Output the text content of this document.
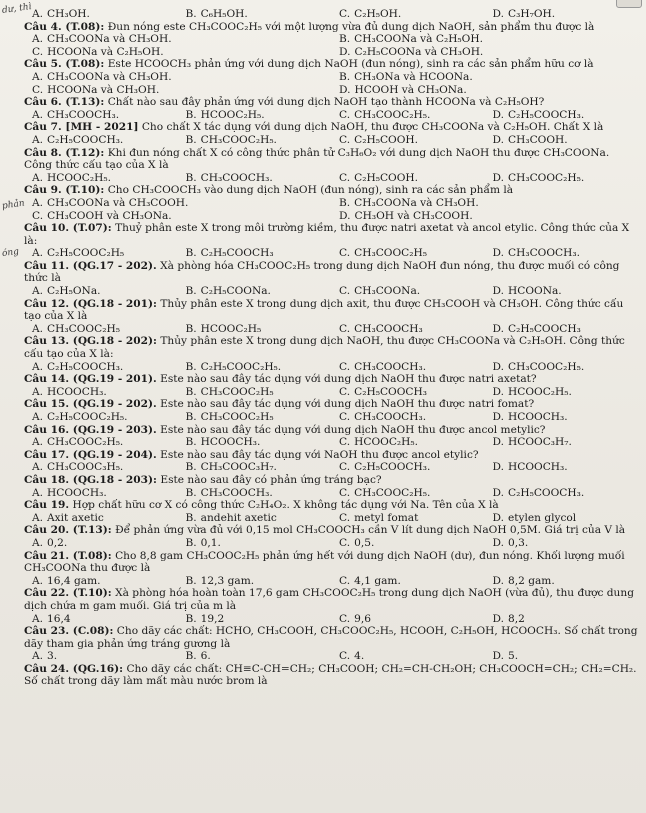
dư, thì
phản
óng
A. CH₃OH.	B. C₆H₅OH.	C. C₂H₅OH.	D. C₃H₇OH.
Câu 4. (T.08): Đun nóng este CH₃COOC₂H₅ với một lượng vừa đủ dung dịch NaOH, sản phẩm thu được là
A. CH₃COONa và CH₃OH.	B. CH₃COONa và C₂H₅OH.
C. HCOONa và C₂H₅OH.	D. C₂H₅COONa và CH₃OH.
Câu 5. (T.08): Este HCOOCH₃ phản ứng với dung dịch NaOH (đun nóng), sinh ra các sản phẩm hữu cơ là
A. CH₃COONa và CH₃OH.	B. CH₃ONa và HCOONa.
C. HCOONa và CH₃OH.	D. HCOOH và CH₃ONa.
Câu 6. (T.13): Chất nào sau đây phản ứng với dung dịch NaOH tạo thành HCOONa và C₂H₅OH?
A. CH₃COOCH₃.	B. HCOOC₂H₅.	C. CH₃COOC₂H₅.	D. C₂H₅COOCH₃.
Câu 7. [MH - 2021] Cho chất X tác dụng với dung dịch NaOH, thu được CH₃COONa và C₂H₅OH. Chất X là
A. C₂H₅COOCH₃.	B. CH₃COOC₂H₅.	C. C₂H₅COOH.	D. CH₃COOH.
Câu 8. (T.12): Khi đun nóng chất X có công thức phân tử C₃H₆O₂ với dung dịch NaOH thu được CH₃COONa. Công thức cấu tạo của X là
A. HCOOC₂H₅.	B. CH₃COOCH₃.	C. C₂H₅COOH.	D. CH₃COOC₂H₅.
Câu 9. (T.10): Cho CH₃COOCH₃ vào dung dịch NaOH (đun nóng), sinh ra các sản phẩm là
A. CH₃COONa và CH₃COOH.	B. CH₃COONa và CH₃OH.
C. CH₃COOH và CH₃ONa.	D. CH₃OH và CH₃COOH.
Câu 10. (T.07): Thuỷ phân este X trong môi trường kiềm, thu được natri axetat và ancol etylic. Công thức của X là:
A. C₂H₅COOC₂H₅	B. C₂H₅COOCH₃	C. CH₃COOC₂H₅	D. CH₃COOCH₃.
Câu 11. (QG.17 - 202). Xà phòng hóa CH₃COOC₂H₅ trong dung dịch NaOH đun nóng, thu được muối có công thức là
A. C₂H₅ONa.	B. C₂H₅COONa.	C. CH₃COONa.	D. HCOONa.
Câu 12. (QG.18 - 201): Thủy phân este X trong dung dịch axit, thu được CH₃COOH và CH₃OH. Công thức cấu tạo của X là
A. CH₃COOC₂H₅	B. HCOOC₂H₅	C. CH₃COOCH₃	D. C₂H₅COOCH₃
Câu 13. (QG.18 - 202): Thủy phân este X trong dung dịch NaOH, thu được CH₃COONa và C₂H₅OH. Công thức cấu tạo của X là:
A. C₂H₅COOCH₃.	B. C₂H₅COOC₂H₅.	C. CH₃COOCH₃.	D. CH₃COOC₂H₅.
Câu 14. (QG.19 - 201). Este nào sau đây tác dụng với dung dịch NaOH thu được natri axetat?
A. HCOOCH₃.	B. CH₃COOC₂H₅	C. C₂H₅COOCH₃	D. HCOOC₂H₅.
Câu 15. (QG.19 - 202). Este nào sau đây tác dụng với dung dịch NaOH thu được natri fomat?
A. C₂H₅COOC₂H₅.	B. CH₃COOC₂H₅	C. CH₃COOCH₃.	D. HCOOCH₃.
Câu 16. (QG.19 - 203). Este nào sau đây tác dụng với dung dịch NaOH thu được ancol metylic?
A. CH₃COOC₂H₅.	B. HCOOCH₃.	C. HCOOC₂H₅.	D. HCOOC₃H₇.
Câu 17. (QG.19 - 204). Este nào sau đây tác dụng với NaOH thu được ancol etylic?
A. CH₃COOC₃H₅.	B. CH₃COOC₃H₇.	C. C₂H₅COOCH₃.	D. HCOOCH₃.
Câu 18. (QG.18 - 203): Este nào sau đây có phản ứng tráng bạc?
A. HCOOCH₃.	B. CH₃COOCH₃.	C. CH₃COOC₂H₅.	D. C₂H₅COOCH₃.
Câu 19. Hợp chất hữu cơ X có công thức C₂H₄O₂. X không tác dụng với Na. Tên của X là
A. Axit axetic	B. andehit axetic	C. metyl fomat	D. etylen glycol
Câu 20. (T.13): Để phản ứng vừa đủ với 0,15 mol CH₃COOCH₃ cần V lít dung dịch NaOH 0,5M. Giá trị của V là
A. 0,2.	B. 0,1.	C. 0,5.	D. 0,3.
Câu 21. (T.08): Cho 8,8 gam CH₃COOC₂H₅ phản ứng hết với dung dịch NaOH (dư), đun nóng. Khối lượng muối CH₃COONa thu được là
A. 16,4 gam.	B. 12,3 gam.	C. 4,1 gam.	D. 8,2 gam.
Câu 22. (T.10): Xà phòng hóa hoàn toàn 17,6 gam CH₃COOC₂H₅ trong dung dịch NaOH (vừa đủ), thu được dung dịch chứa m gam muối. Giá trị của m là
A. 16,4	B. 19,2	C. 9,6	D. 8,2
Câu 23. (C.08): Cho dãy các chất: HCHO, CH₃COOH, CH₃COOC₂H₅, HCOOH, C₂H₅OH, HCOOCH₃. Số chất trong dãy tham gia phản ứng tráng gương là
A. 3.	B. 6.	C. 4.	D. 5.
Câu 24. (QG.16): Cho dãy các chất: CH≡C-CH=CH₂; CH₃COOH; CH₂=CH-CH₂OH; CH₃COOCH=CH₂; CH₂=CH₂. Số chất trong dãy làm mất màu nước brom là
